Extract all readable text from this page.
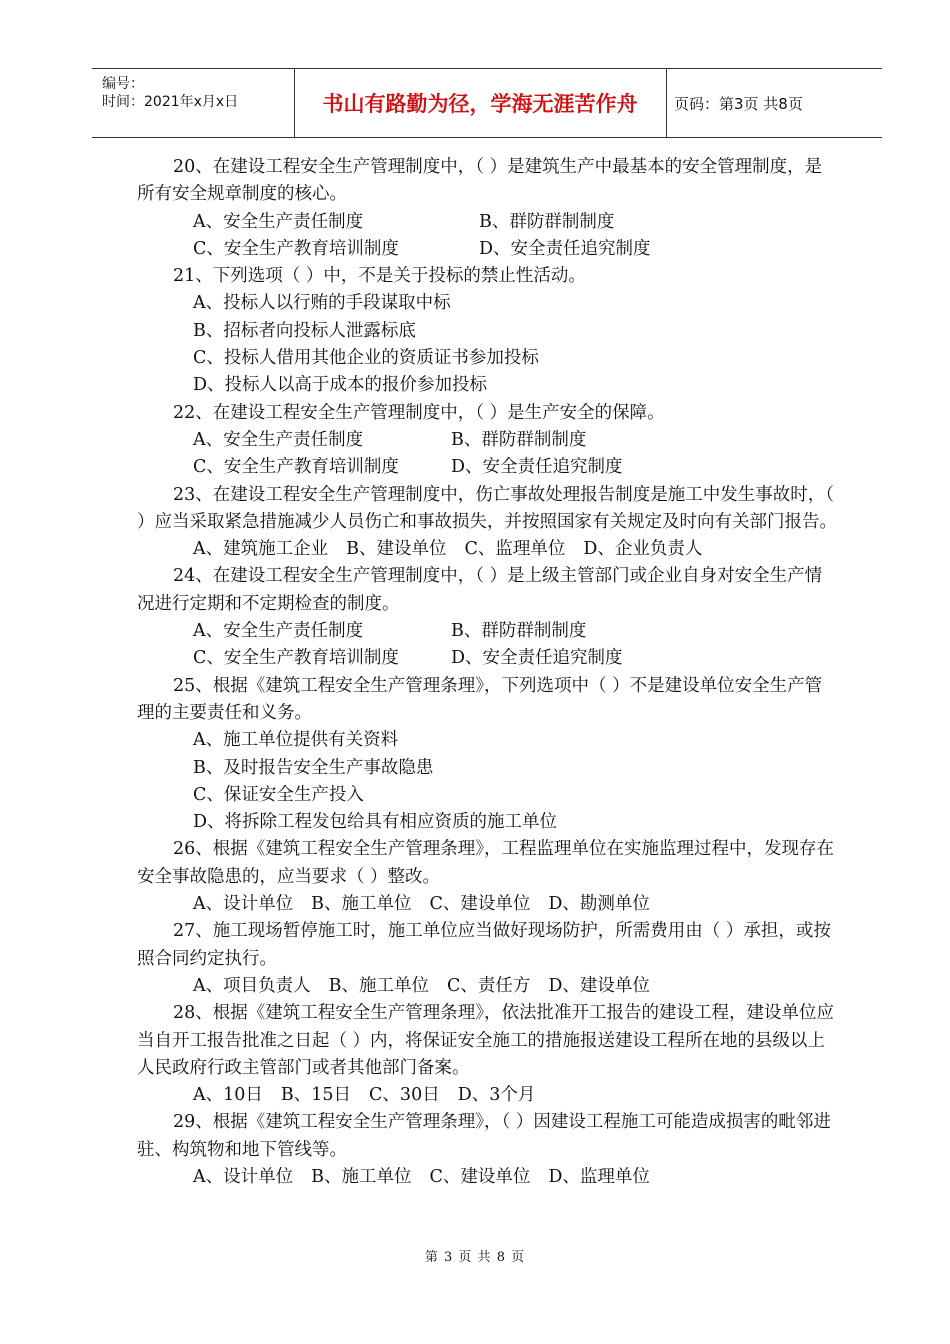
编号：
时间：2021年x月x日	书山有路勤为径，学海无涯苦作舟	页码：第3页 共8页
20、在建设工程安全生产管理制度中，（ ）是建筑生产中最基本的安全管理制度，是所有安全规章制度的核心。
A、安全生产责任制度	B、群防群制制度
C、安全生产教育培训制度	D、安全责任追究制度
21、下列选项（ ）中，不是关于投标的禁止性活动。
A、投标人以行贿的手段谋取中标
B、招标者向投标人泄露标底
C、投标人借用其他企业的资质证书参加投标
D、投标人以高于成本的报价参加投标
22、在建设工程安全生产管理制度中，（ ）是生产安全的保障。
A、安全生产责任制度	B、群防群制制度
C、安全生产教育培训制度	D、安全责任追究制度
23、在建设工程安全生产管理制度中，伤亡事故处理报告制度是施工中发生事故时，（ ）应当采取紧急措施减少人员伤亡和事故损失，并按照国家有关规定及时向有关部门报告。
A、建筑施工企业 B、建设单位 C、监理单位 D、企业负责人
24、在建设工程安全生产管理制度中，（ ）是上级主管部门或企业自身对安全生产情况进行定期和不定期检查的制度。
A、安全生产责任制度	B、群防群制制度
C、安全生产教育培训制度	D、安全责任追究制度
25、根据《建筑工程安全生产管理条理》，下列选项中（ ）不是建设单位安全生产管理的主要责任和义务。
A、施工单位提供有关资料
B、及时报告安全生产事故隐患
C、保证安全生产投入
D、将拆除工程发包给具有相应资质的施工单位
26、根据《建筑工程安全生产管理条理》，工程监理单位在实施监理过程中，发现存在安全事故隐患的，应当要求（ ）整改。
A、设计单位 B、施工单位 C、建设单位 D、勘测单位
27、施工现场暂停施工时，施工单位应当做好现场防护，所需费用由（ ）承担，或按照合同约定执行。
A、项目负责人 B、施工单位 C、责任方 D、建设单位
28、根据《建筑工程安全生产管理条理》，依法批准开工报告的建设工程，建设单位应当自开工报告批准之日起（ ）内，将保证安全施工的措施报送建设工程所在地的县级以上人民政府行政主管部门或者其他部门备案。
A、10日 B、15日 C、30日 D、3个月
29、根据《建筑工程安全生产管理条理》，（ ）因建设工程施工可能造成损害的毗邻进驻、构筑物和地下管线等。
A、设计单位 B、施工单位 C、建设单位 D、监理单位
第 3 页 共 8 页
